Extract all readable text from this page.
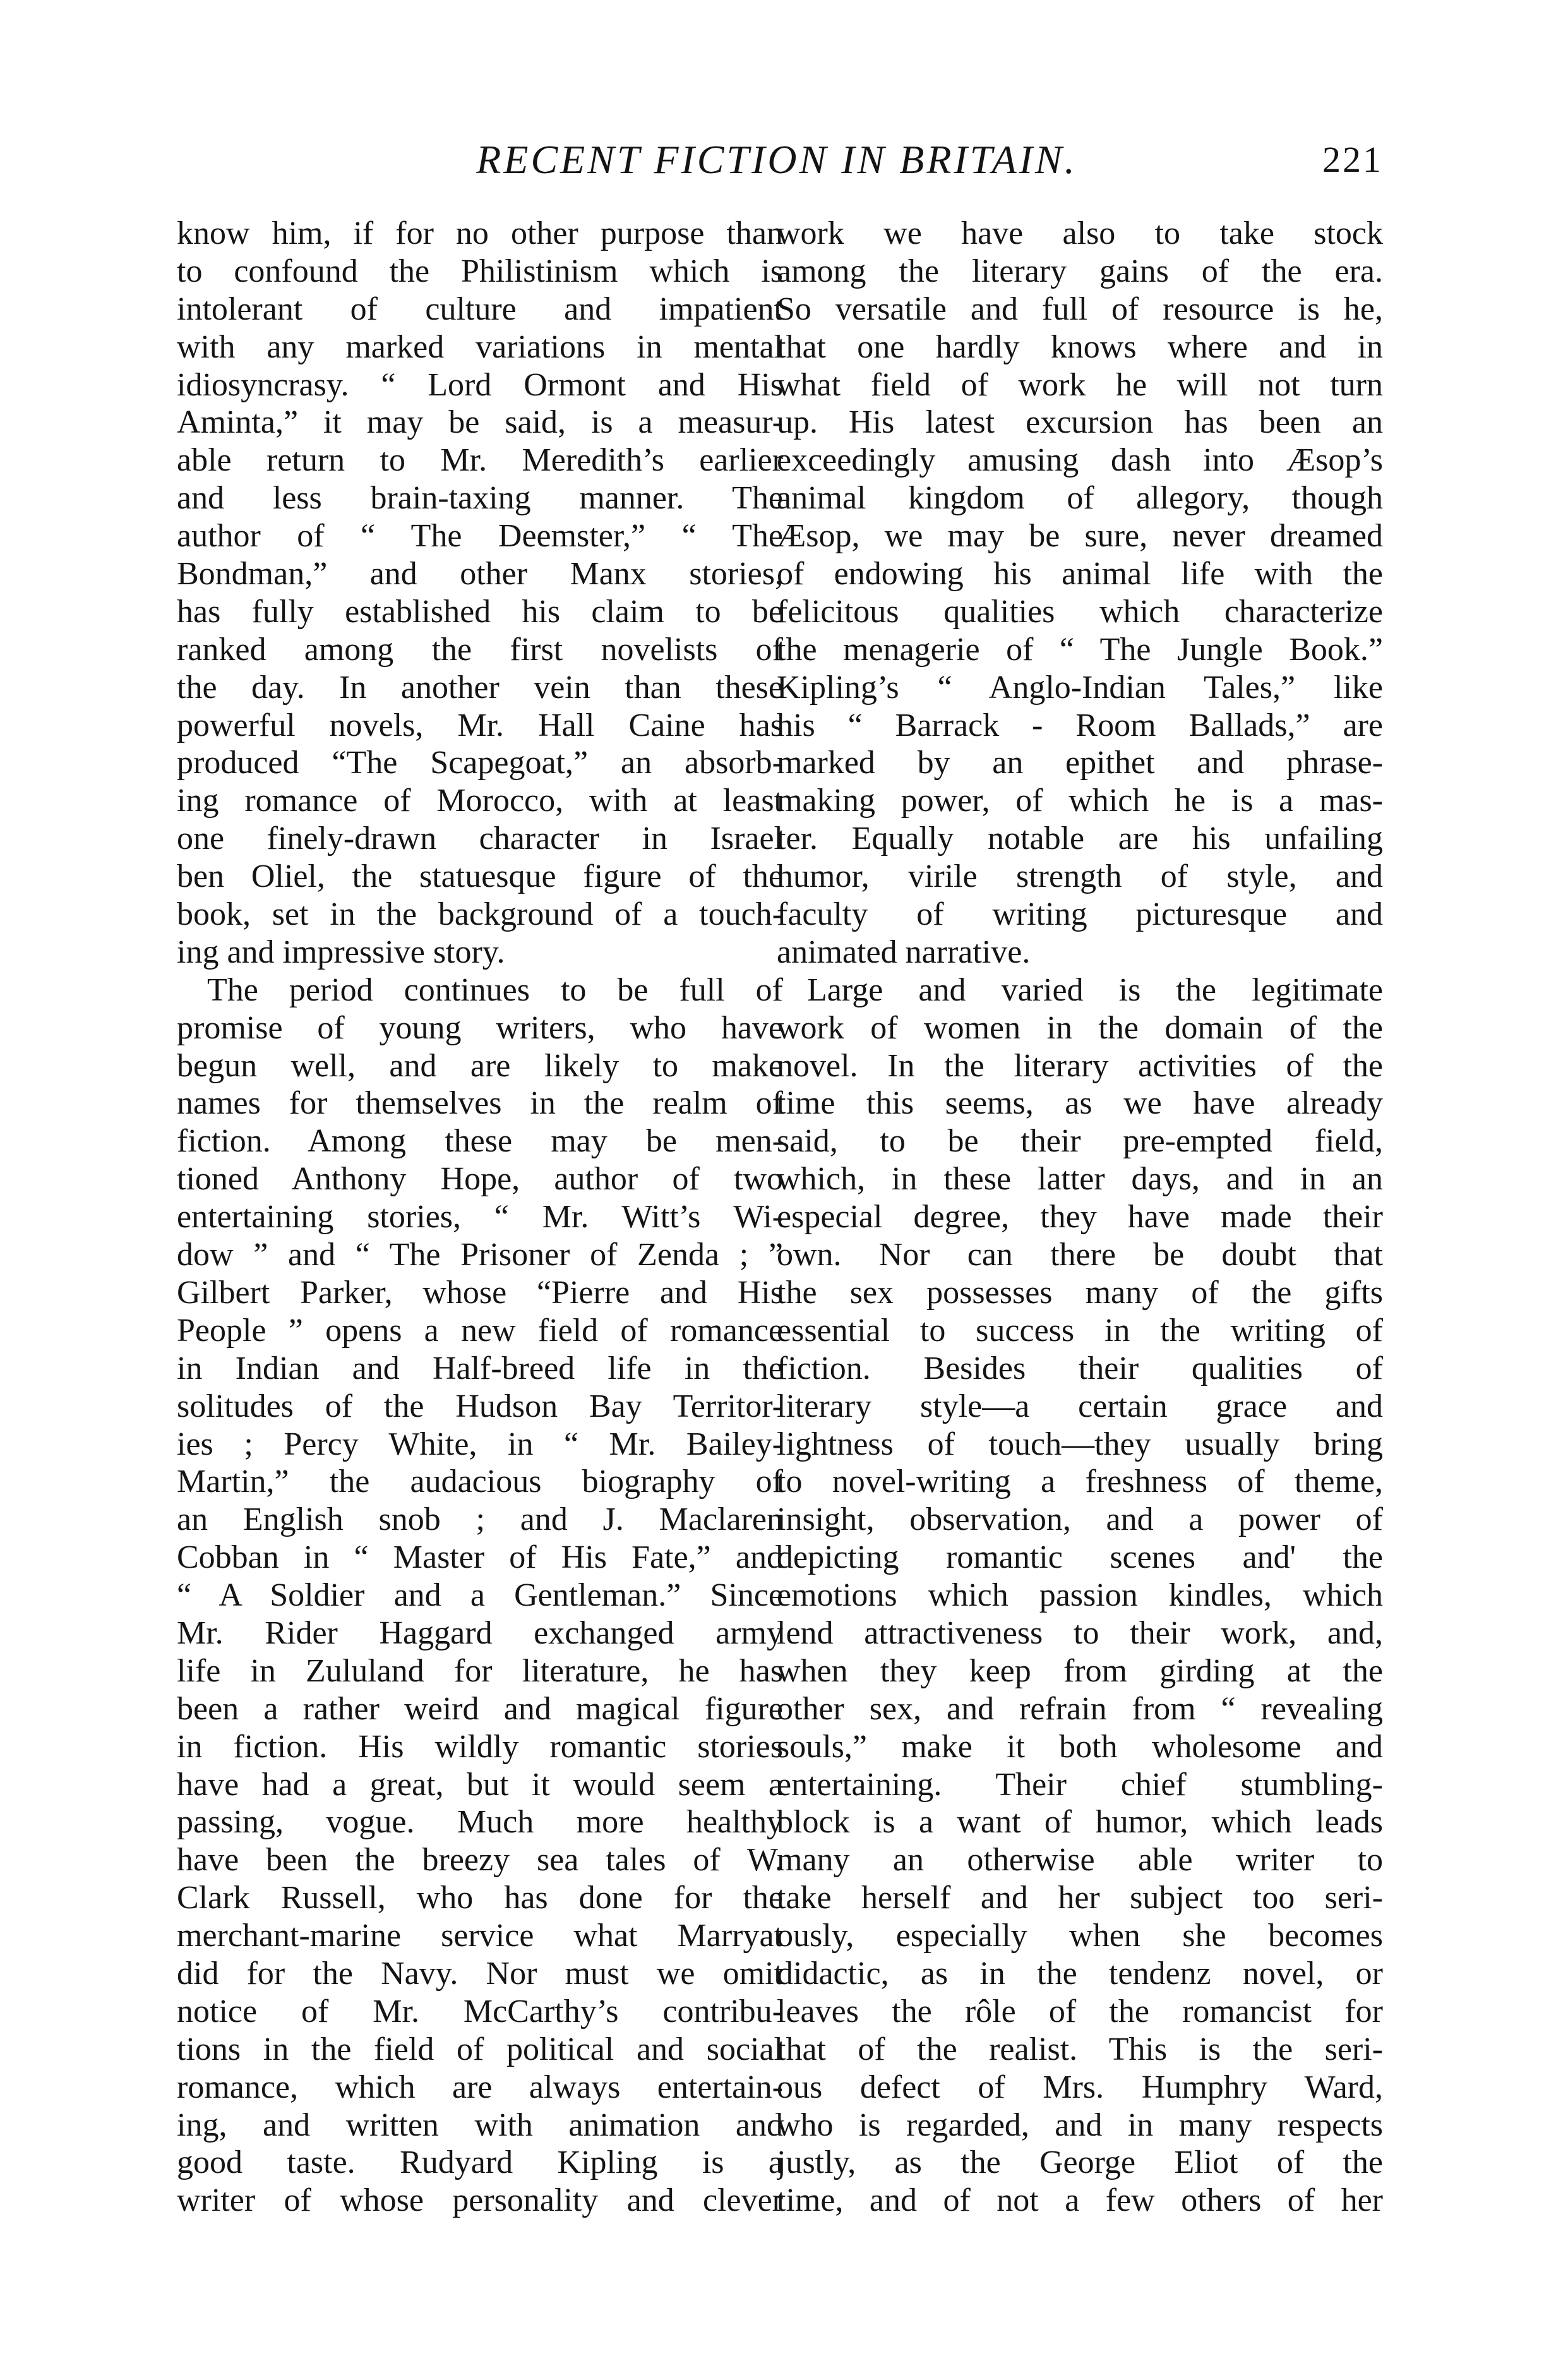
RECENT FICTION IN BRITAIN.	221
know him, if for no other purpose than
to confound the Philistinism which is
intolerant of culture and impatient
with any marked variations in mental
idiosyncrasy. “ Lord Ormont and His
Aminta,” it may be said, is a measur-
able return to Mr. Meredith’s earlier
and less brain-taxing manner. The
author of “ The Deemster,” “ The
Bondman,” and other Manx stories,
has fully established his claim to be
ranked among the first novelists of
the day. In another vein than these
powerful novels, Mr. Hall Caine has
produced “The Scapegoat,” an absorb-
ing romance of Morocco, with at least
one finely-drawn character in Israel
ben Oliel, the statuesque figure of the
book, set in the background of a touch-
ing and impressive story.
The period continues to be full of
promise of young writers, who have
begun well, and are likely to make
names for themselves in the realm of
fiction. Among these may be men-
tioned Anthony Hope, author of two
entertaining stories, “ Mr. Witt’s Wi-
dow ” and “ The Prisoner of Zenda ; ”
Gilbert Parker, whose “Pierre and His
People ” opens a new field of romance
in Indian and Half-breed life in the
solitudes of the Hudson Bay Territor-
ies ; Percy White, in “ Mr. Bailey-
Martin,” the audacious biography of
an English snob ; and J. Maclaren
Cobban in “ Master of His Fate,” and
“ A Soldier and a Gentleman.” Since
Mr. Rider Haggard exchanged army
life in Zululand for literature, he has
been a rather weird and magical figure
in fiction. His wildly romantic stories
have had a great, but it would seem a
passing, vogue. Much more healthy
have been the breezy sea tales of W.
Clark Russell, who has done for the
merchant-marine service what Marryat
did for the Navy. Nor must we omit
notice of Mr. McCarthy’s contribu-
tions in the field of political and social
romance, which are always entertain-
ing, and written with animation and
good taste. Rudyard Kipling is a
writer of whose personality and clever
work we have also to take stock
among the literary gains of the era.
So versatile and full of resource is he,
that one hardly knows where and in
what field of work he will not turn
up. His latest excursion has been an
exceedingly amusing dash into Æsop’s
animal kingdom of allegory, though
Æsop, we may be sure, never dreamed
of endowing his animal life with the
felicitous qualities which characterize
the menagerie of “ The Jungle Book.”
Kipling’s “ Anglo-Indian Tales,” like
his “ Barrack - Room Ballads,” are
marked by an epithet and phrase-
making power, of which he is a mas-
ter. Equally notable are his unfailing
humor, virile strength of style, and
faculty of writing picturesque and
animated narrative.
Large and varied is the legitimate
work of women in the domain of the
novel. In the literary activities of the
time this seems, as we have already
said, to be their pre-empted field,
which, in these latter days, and in an
especial degree, they have made their
own. Nor can there be doubt that
the sex possesses many of the gifts
essential to success in the writing of
fiction. Besides their qualities of
literary style—a certain grace and
lightness of touch—they usually bring
to novel-writing a freshness of theme,
insight, observation, and a power of
depicting romantic scenes and' the
emotions which passion kindles, which
lend attractiveness to their work, and,
when they keep from girding at the
other sex, and refrain from “ revealing
souls,” make it both wholesome and
entertaining. Their chief stumbling-
block is a want of humor, which leads
many an otherwise able writer to
take herself and her subject too seri-
ously, especially when she becomes
didactic, as in the tendenz novel, or
leaves the rôle of the romancist for
that of the realist. This is the seri-
ous defect of Mrs. Humphry Ward,
who is regarded, and in many respects
justly, as the George Eliot of the
time, and of not a few others of her
